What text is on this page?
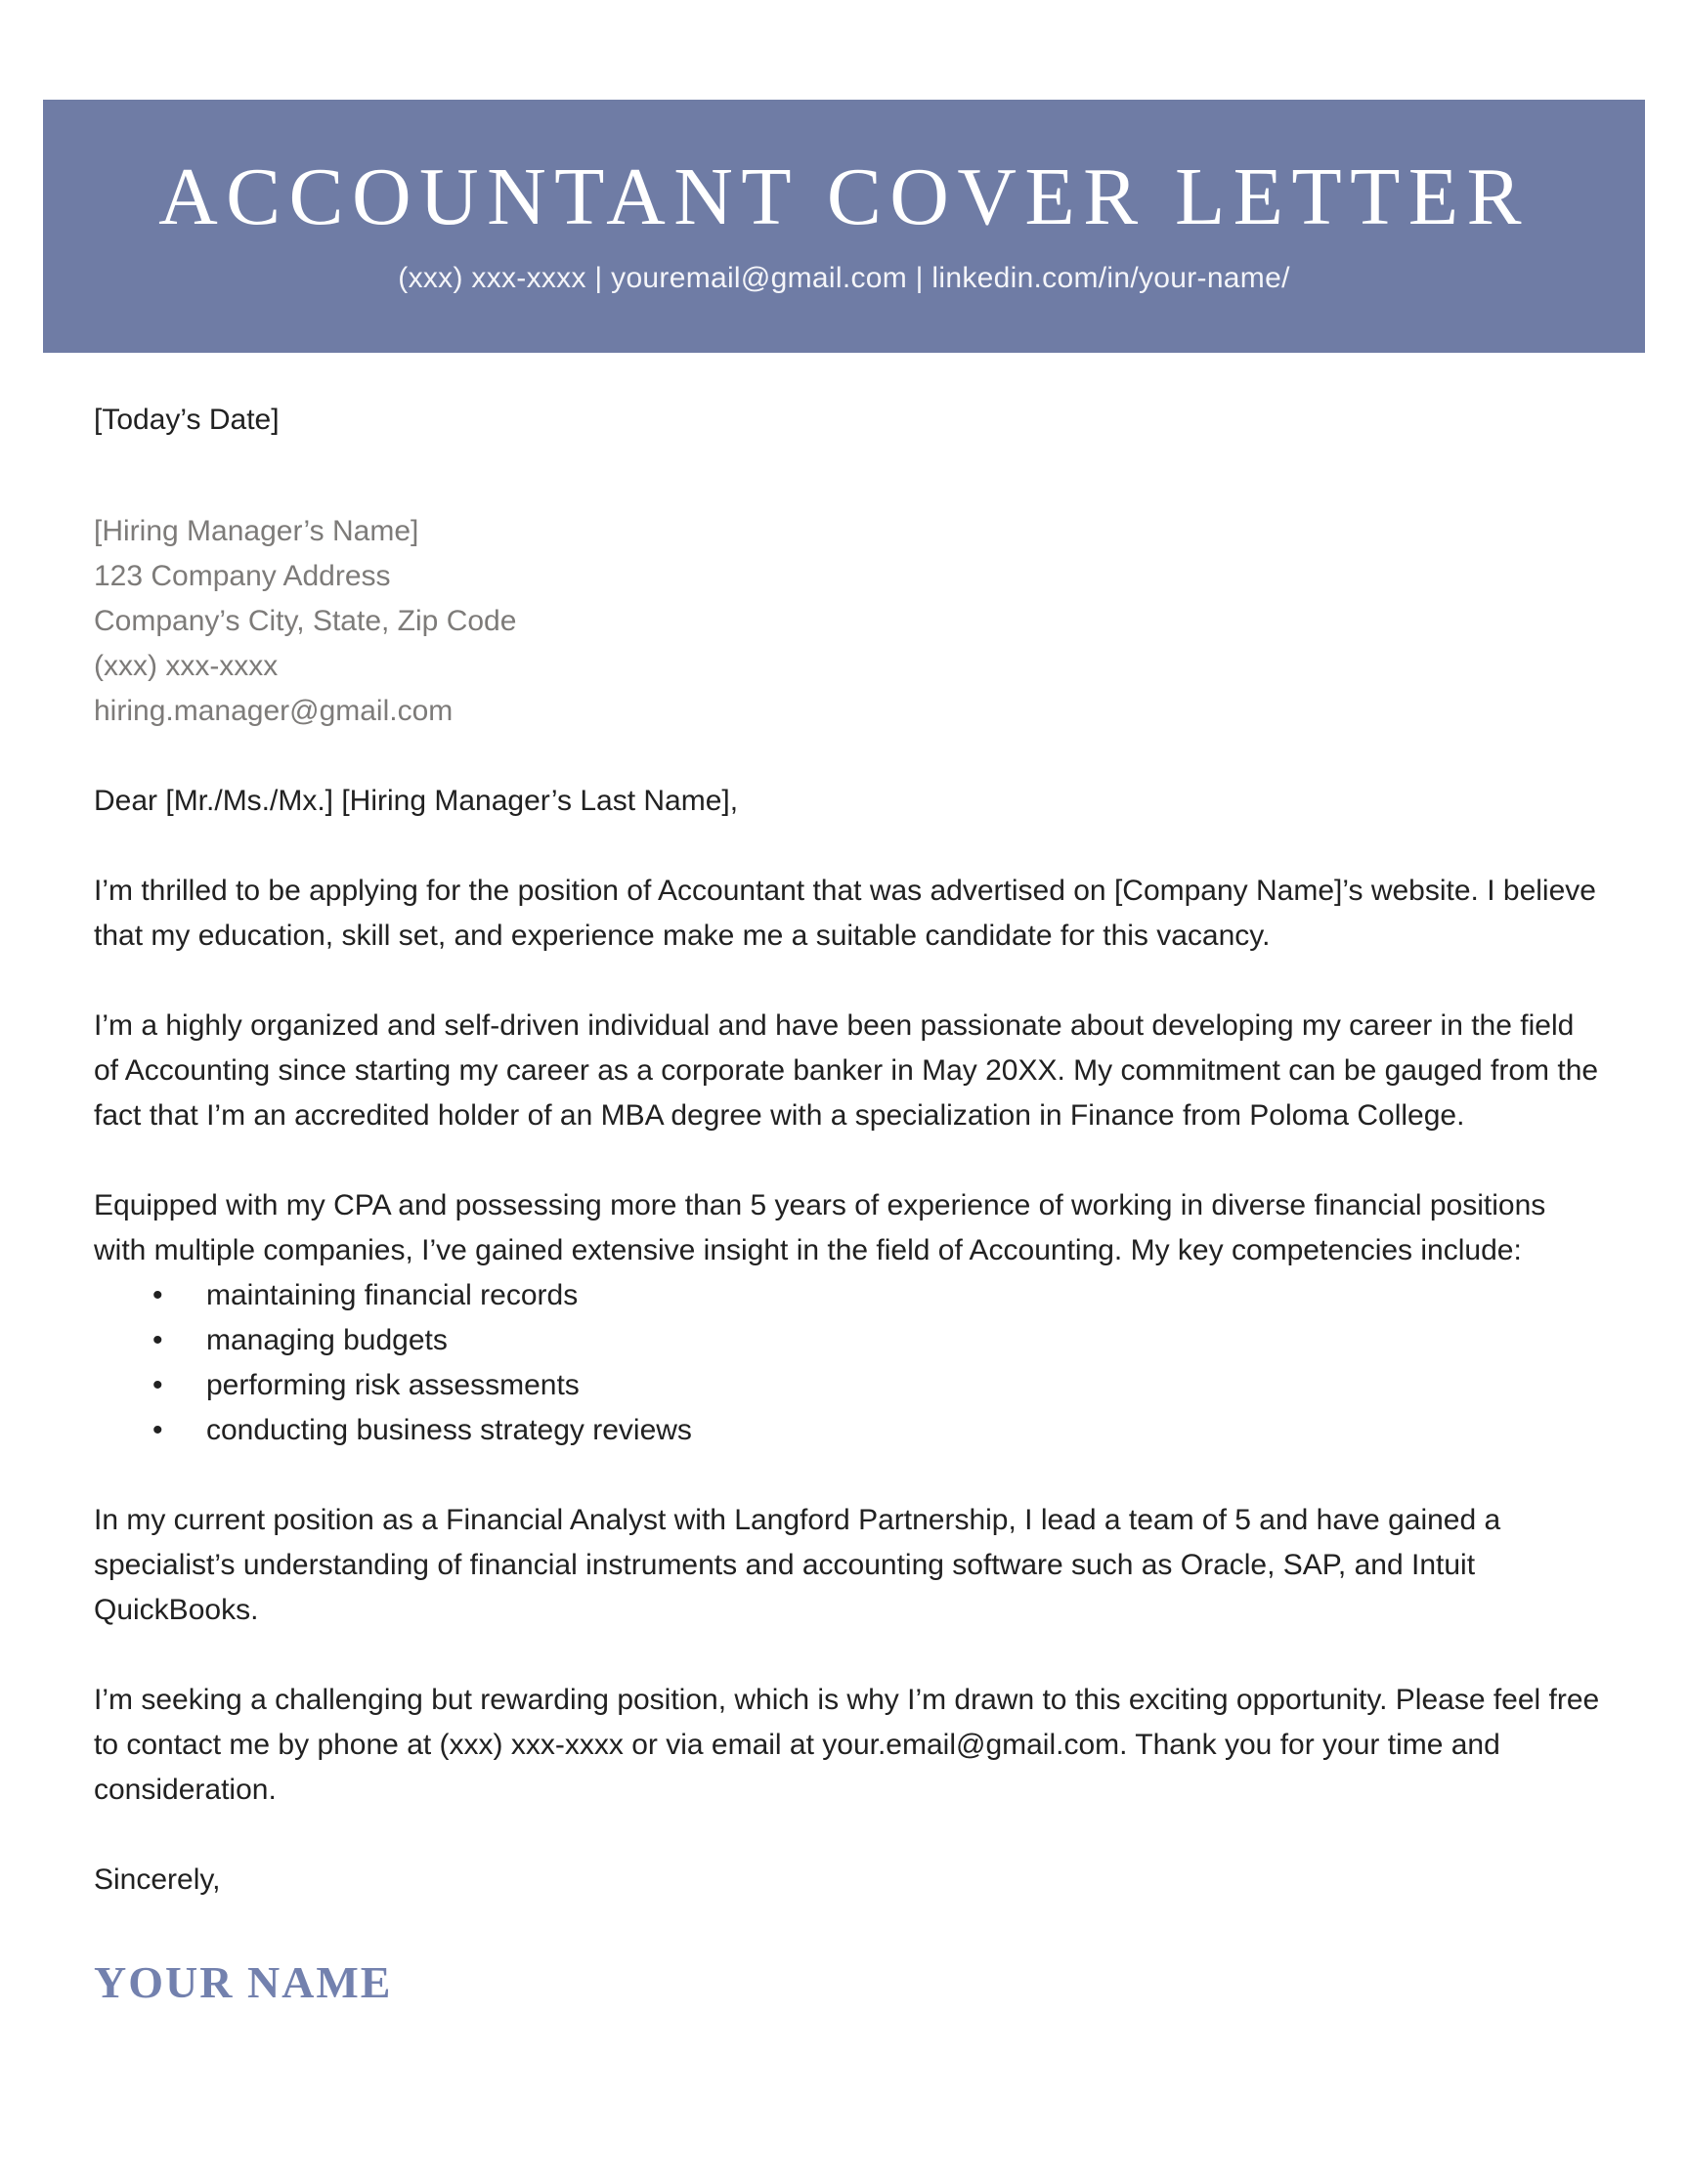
ACCOUNTANT COVER LETTER
(xxx) xxx-xxxx | youremail@gmail.com | linkedin.com/in/your-name/
[Today’s Date]
[Hiring Manager’s Name]
123 Company Address
Company’s City, State, Zip Code
(xxx) xxx-xxxx
hiring.manager@gmail.com
Dear [Mr./Ms./Mx.] [Hiring Manager’s Last Name],
I’m thrilled to be applying for the position of Accountant that was advertised on [Company Name]’s website. I believe that my education, skill set, and experience make me a suitable candidate for this vacancy.
I’m a highly organized and self-driven individual and have been passionate about developing my career in the field of Accounting since starting my career as a corporate banker in May 20XX. My commitment can be gauged from the fact that I’m an accredited holder of an MBA degree with a specialization in Finance from Poloma College.
Equipped with my CPA and possessing more than 5 years of experience of working in diverse financial positions with multiple companies, I’ve gained extensive insight in the field of Accounting. My key competencies include:
• maintaining financial records
• managing budgets
• performing risk assessments
• conducting business strategy reviews
In my current position as a Financial Analyst with Langford Partnership, I lead a team of 5 and have gained a specialist’s understanding of financial instruments and accounting software such as Oracle, SAP, and Intuit QuickBooks.
I’m seeking a challenging but rewarding position, which is why I’m drawn to this exciting opportunity. Please feel free to contact me by phone at (xxx) xxx-xxxx or via email at your.email@gmail.com. Thank you for your time and consideration.
Sincerely,
YOUR NAME
